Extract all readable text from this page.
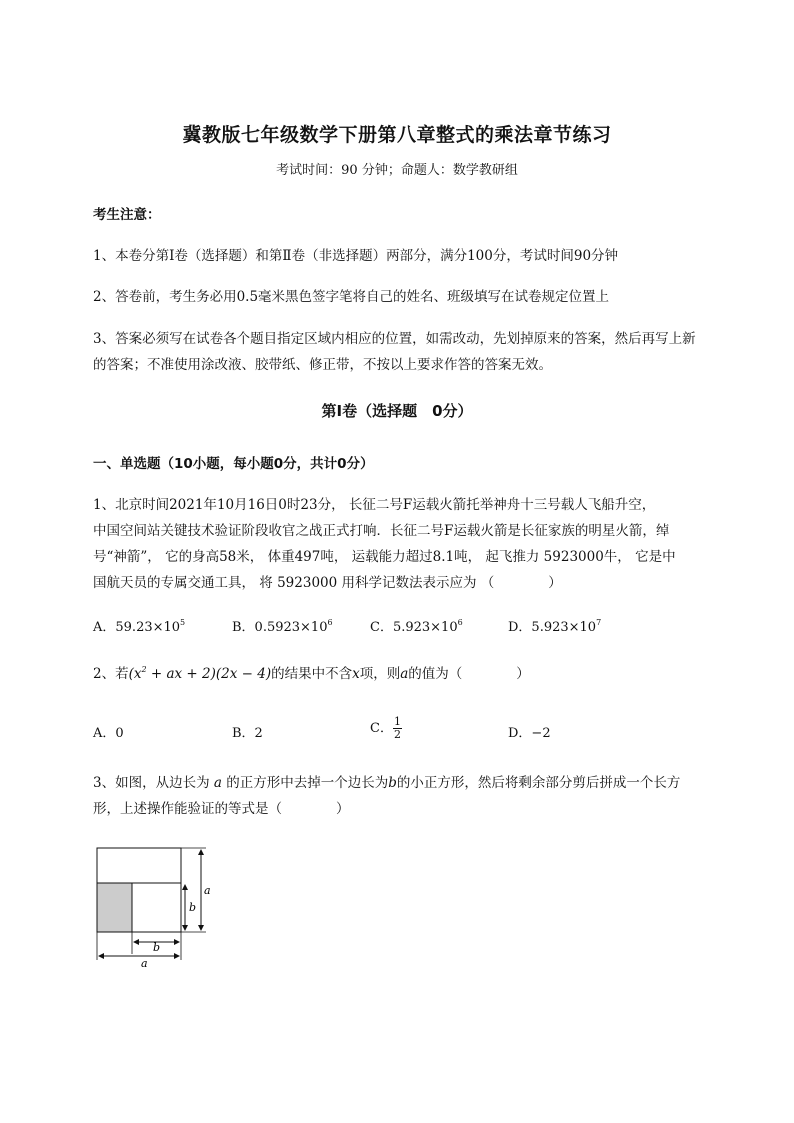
冀教版七年级数学下册第八章整式的乘法章节练习
考试时间：90 分钟；命题人：数学教研组
考生注意：
1、本卷分第Ⅰ卷（选择题）和第Ⅱ卷（非选择题）两部分，满分100分，考试时间90分钟
2、答卷前，考生务必用0.5毫米黑色签字笔将自己的姓名、班级填写在试卷规定位置上
3、答案必须写在试卷各个题目指定区域内相应的位置，如需改动，先划掉原来的答案，然后再写上新
的答案；不准使用涂改液、胶带纸、修正带，不按以上要求作答的答案无效。
第Ⅰ卷（选择题　0分）
一、单选题（10小题，每小题0分，共计0分）
1、北京时间2021年10月16日0时23分， 长征二号F运载火箭托举神舟十三号载人飞船升空，
中国空间站关键技术验证阶段收官之战正式打响．长征二号F运载火箭是长征家族的明星火箭，绰
号“神箭”， 它的身高58米， 体重497吨， 运载能力超过8.1吨， 起飞推力 5923000牛， 它是中
国航天员的专属交通工具， 将 5923000 用科学记数法表示应为 （　　　　）
A．$59.23\times 10^5$	B．$0.5923\times 10^6$	C．$5.923\times 10^6$	D．$5.923\times 10^7$
2、若($x^2$ + ax + 2)(2x − 4)的结果中不含x项，则a的值为（　　　　）
A．0	B．2	C． $\frac{1}{2}$	D．−2
3、如图，从边长为 a 的正方形中去掉一个边长为b的小正方形，然后将剩余部分剪后拼成一个长方
形，上述操作能验证的等式是（　　　　）
a
b
b
a
